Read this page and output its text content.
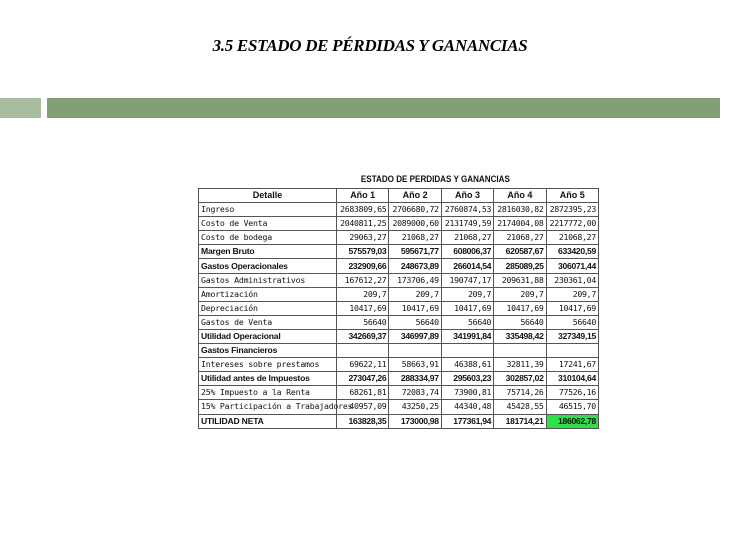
3.5 ESTADO DE PÉRDIDAS Y GANANCIAS
ESTADO DE PERDIDAS Y GANANCIAS
Detalle	Año 1	Año 2	Año 3	Año 4	Año 5
Ingreso	2683809,65	2706680,72	2760874,53	2816030,82	2872395,23
Costo de Venta	2040811,25	2089000,60	2131749,59	2174004,08	2217772,00
Costo de bodega	29063,27	21068,27	21068,27	21068,27	21068,27
Margen Bruto	575579,03	595671,77	608006,37	620587,67	633420,59
Gastos Operacionales	232909,66	248673,89	266014,54	285089,25	306071,44
Gastos Administrativos	167612,27	173706,49	190747,17	209631,88	230361,04
Amortización	209,7	209,7	209,7	209,7	209,7
Depreciación	10417,69	10417,69	10417,69	10417,69	10417,69
Gastos de Venta	56640	56640	56640	56640	56640
Utilidad Operacional	342669,37	346997,89	341991,84	335498,42	327349,15
Gastos Financieros					
Intereses sobre prestamos	69622,11	58663,91	46388,61	32811,39	17241,67
Utilidad antes de Impuestos	273047,26	288334,97	295603,23	302857,02	310104,64
25% Impuesto a la Renta	68261,81	72083,74	73900,81	75714,26	77526,16
15% Participación a Trabajadores	40957,09	43250,25	44340,48	45428,55	46515,70
UTILIDAD NETA	163828,35	173000,98	177361,94	181714,21	186062,78
